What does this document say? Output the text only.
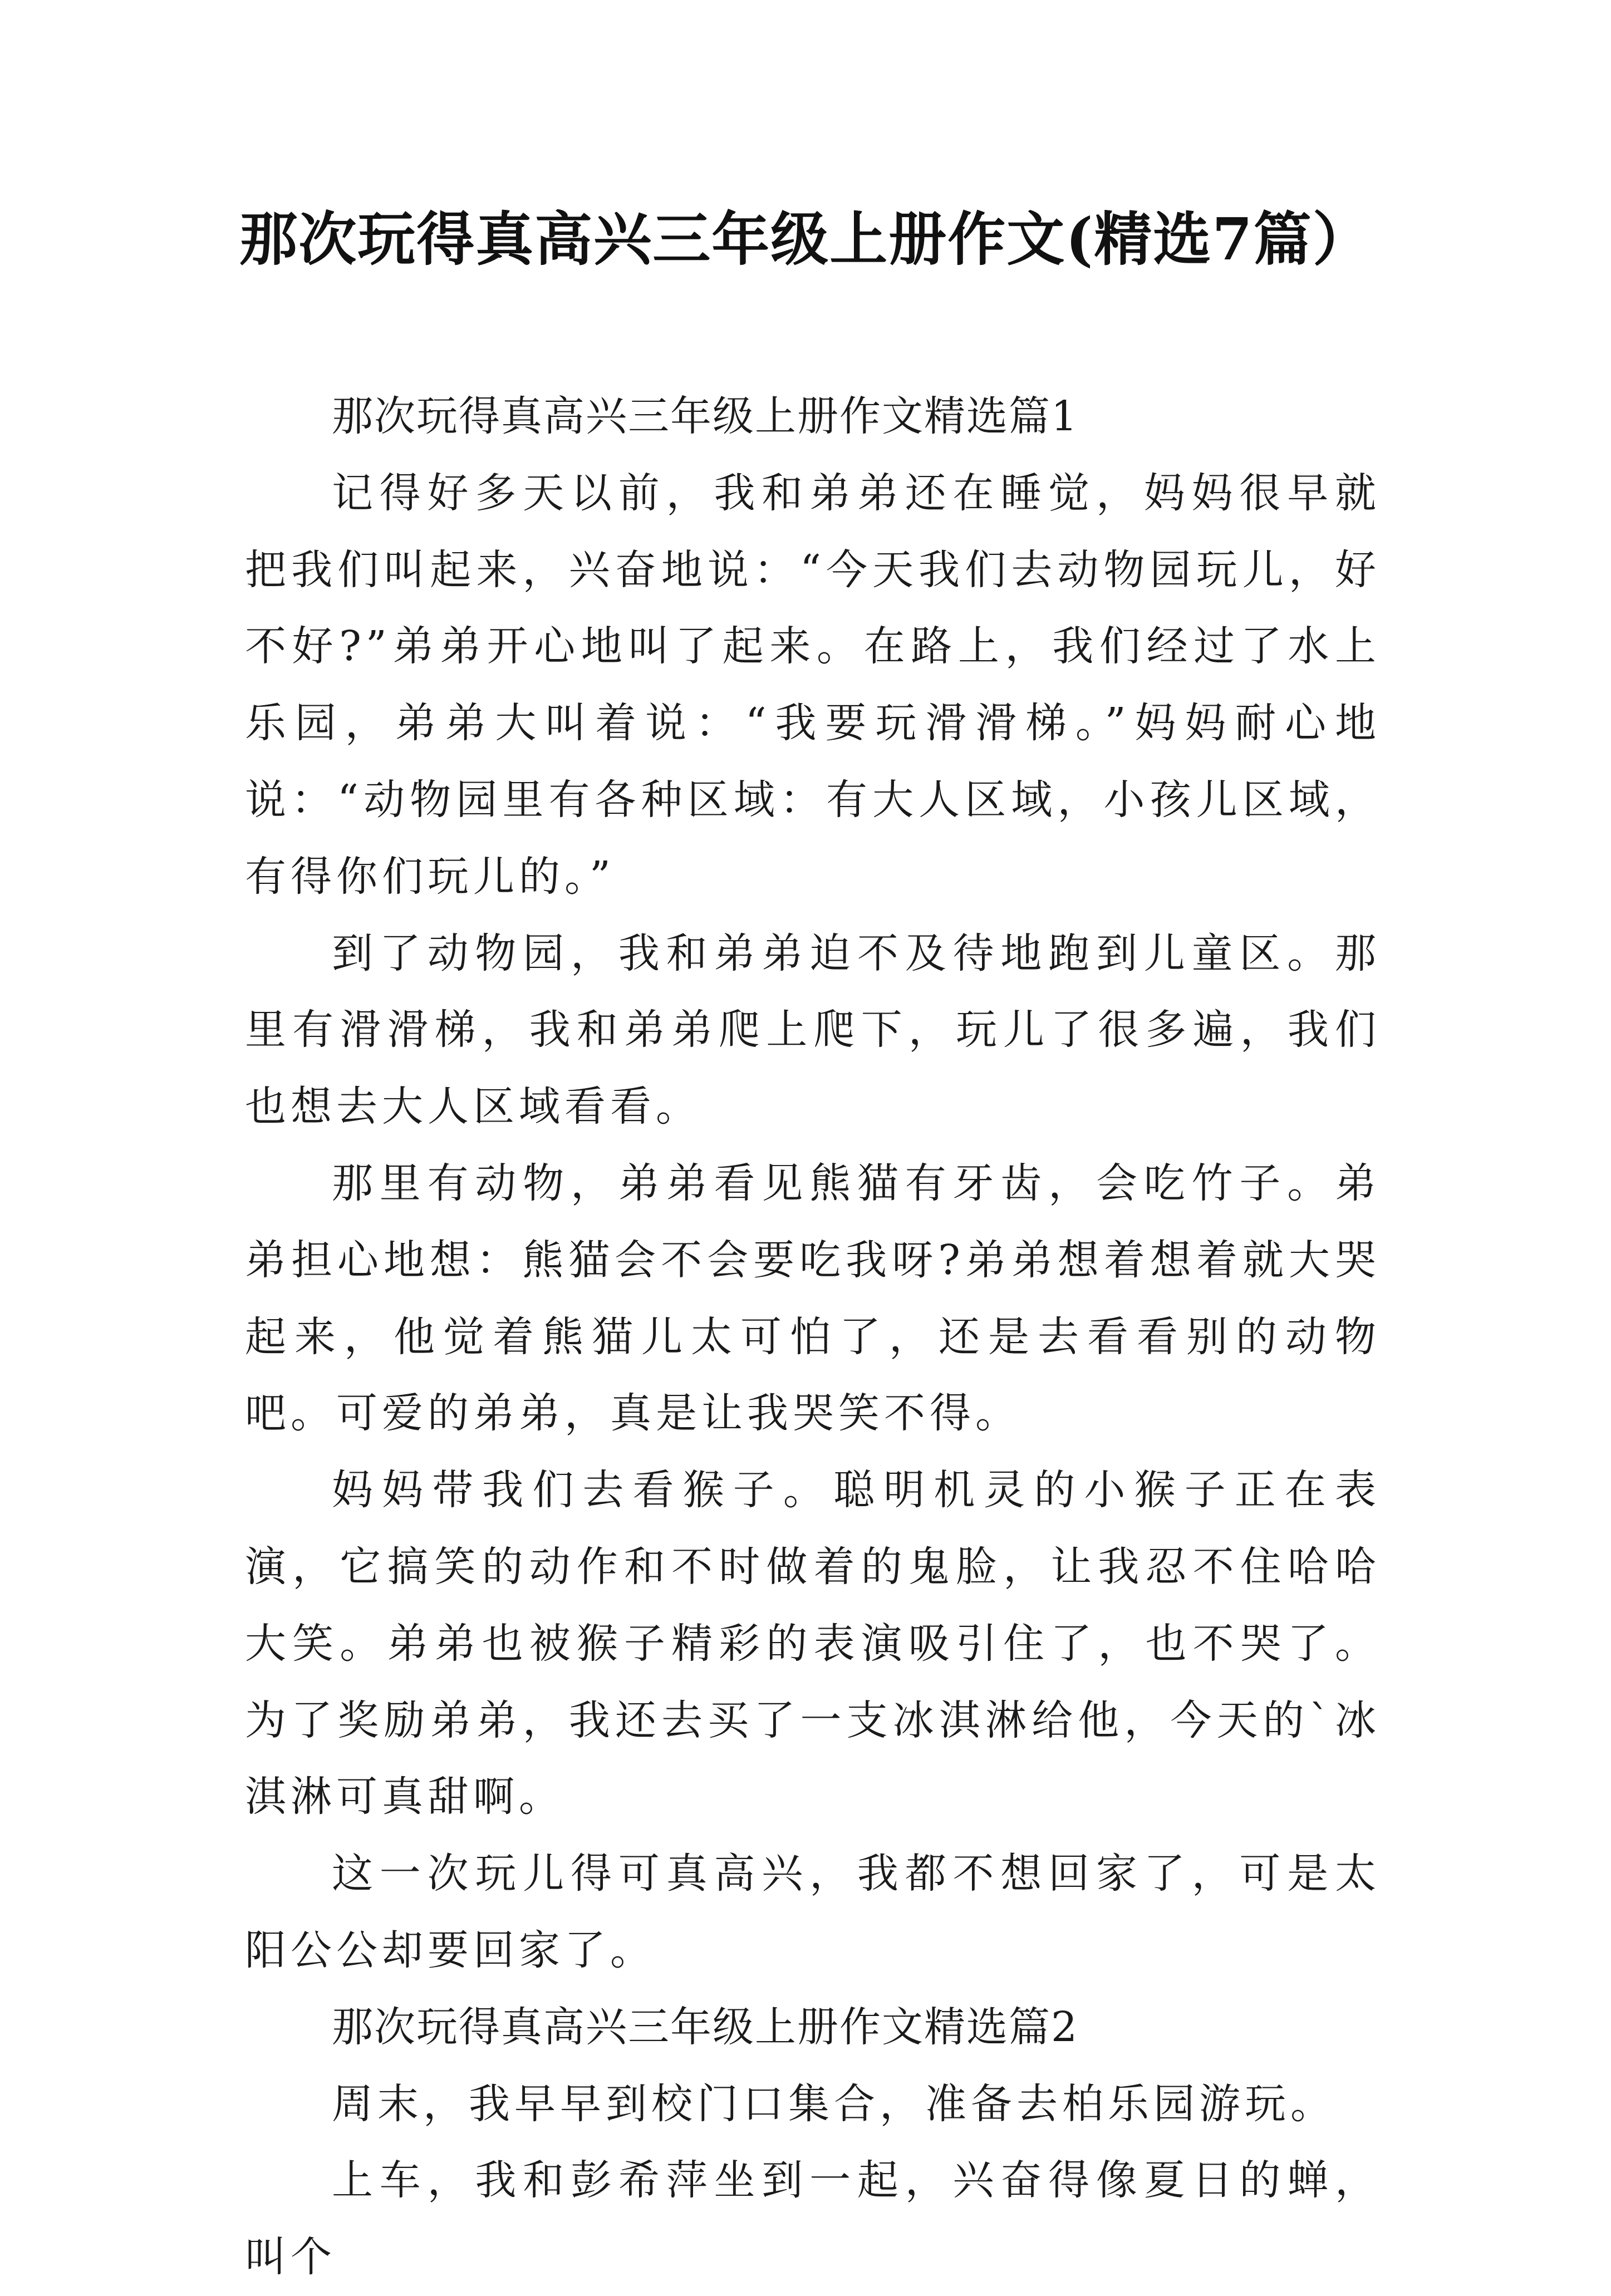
那次玩得真高兴三年级上册作文(精选7篇）

那次玩得真高兴三年级上册作文精选篇1

记得好多天以前，我和弟弟还在睡觉，妈妈很早就把我们叫起来，兴奋地说：“今天我们去动物园玩儿，好不好?”弟弟开心地叫了起来。在路上，我们经过了水上乐园，弟弟大叫着说：“我要玩滑滑梯。”妈妈耐心地说：“动物园里有各种区域：有大人区域，小孩儿区域，有得你们玩儿的。”

到了动物园，我和弟弟迫不及待地跑到儿童区。那里有滑滑梯，我和弟弟爬上爬下，玩儿了很多遍，我们也想去大人区域看看。

那里有动物，弟弟看见熊猫有牙齿，会吃竹子。弟弟担心地想：熊猫会不会要吃我呀?弟弟想着想着就大哭起来，他觉着熊猫儿太可怕了，还是去看看别的动物吧。可爱的弟弟，真是让我哭笑不得。

妈妈带我们去看猴子。聪明机灵的小猴子正在表演，它搞笑的动作和不时做着的鬼脸，让我忍不住哈哈大笑。弟弟也被猴子精彩的表演吸引住了，也不哭了。为了奖励弟弟，我还去买了一支冰淇淋给他，今天的`冰淇淋可真甜啊。

这一次玩儿得可真高兴，我都不想回家了，可是太阳公公却要回家了。

那次玩得真高兴三年级上册作文精选篇2

周末，我早早到校门口集合，准备去柏乐园游玩。

上车，我和彭希萍坐到一起，兴奋得像夏日的蝉，叫个
